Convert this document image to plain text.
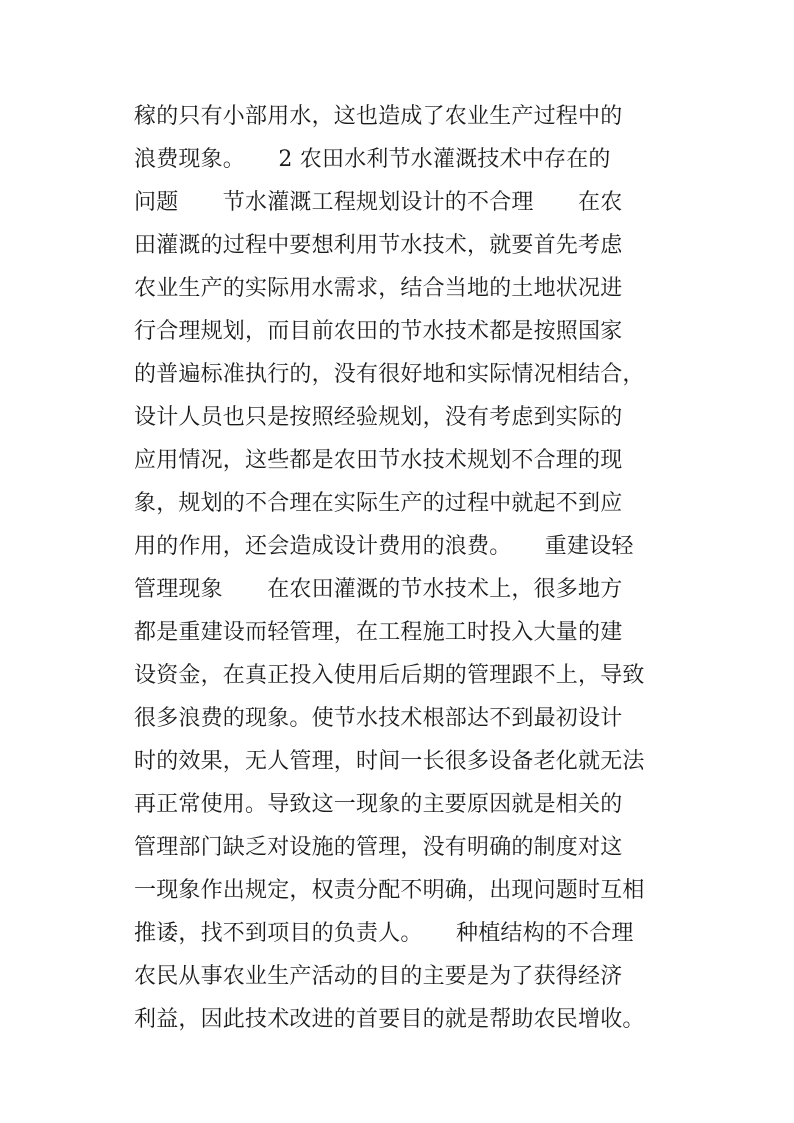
稼的只有小部用水，这也造成了农业生产过程中的
浪费现象。　　2 农田水利节水灌溉技术中存在的
问题　　节水灌溉工程规划设计的不合理　　在农
田灌溉的过程中要想利用节水技术，就要首先考虑
农业生产的实际用水需求，结合当地的土地状况进
行合理规划，而目前农田的节水技术都是按照国家
的普遍标准执行的，没有很好地和实际情况相结合，
设计人员也只是按照经验规划，没有考虑到实际的
应用情况，这些都是农田节水技术规划不合理的现
象，规划的不合理在实际生产的过程中就起不到应
用的作用，还会造成设计费用的浪费。　　重建设轻
管理现象　　在农田灌溉的节水技术上，很多地方
都是重建设而轻管理，在工程施工时投入大量的建
设资金，在真正投入使用后后期的管理跟不上，导致
很多浪费的现象。使节水技术根部达不到最初设计
时的效果，无人管理，时间一长很多设备老化就无法
再正常使用。导致这一现象的主要原因就是相关的
管理部门缺乏对设施的管理，没有明确的制度对这
一现象作出规定，权责分配不明确，出现问题时互相
推诿，找不到项目的负责人。　　种植结构的不合理
农民从事农业生产活动的目的主要是为了获得经济
利益，因此技术改进的首要目的就是帮助农民增收。
